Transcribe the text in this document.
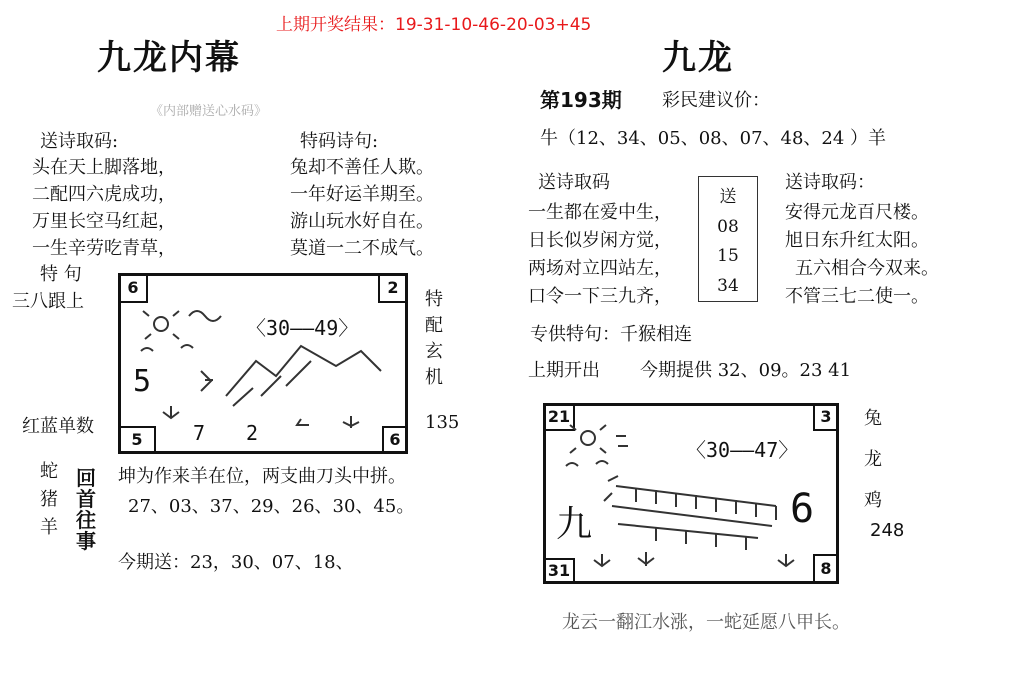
上期开奖结果：19-31-10-46-20-03+45
九龙内幕
《内部赠送心水码》
送诗取码:	特码诗句:
头在天上脚落地，
二配四六虎成功，
万里长空马红起，
一生辛劳吃青草，
兔却不善任人欺。
一年好运羊期至。
游山玩水好自在。
莫道一二不成气。
特 句
三八跟上
6	2
5	6
〈30——49〉
5
7 2
特
配
玄
机
红蓝单数	135
蛇
猪
羊
回
首
往
事
坤为作来羊在位，两支曲刀头中拼。
27、03、37、29、26、30、45。
今期送：23，30、07、18、
九龙
第193期 彩民建议价：
牛（12、34、05、08、07、48、24 ）羊
送诗取码	送诗取码：
一生都在爱中生，
日长似岁闲方觉，
两场对立四站左，
口令一下三九齐，
送
08
15
34
安得元龙百尺楼。
旭日东升红太阳。
五六相合今双来。
不管三七二使一。
专供特句：千猴相连
上期开出 今期提供 32、09。23 41
21	3
31	8
〈30——47〉
九	6
兔
龙
鸡
248
龙云一翻江水涨，一蛇延愿八甲长。
